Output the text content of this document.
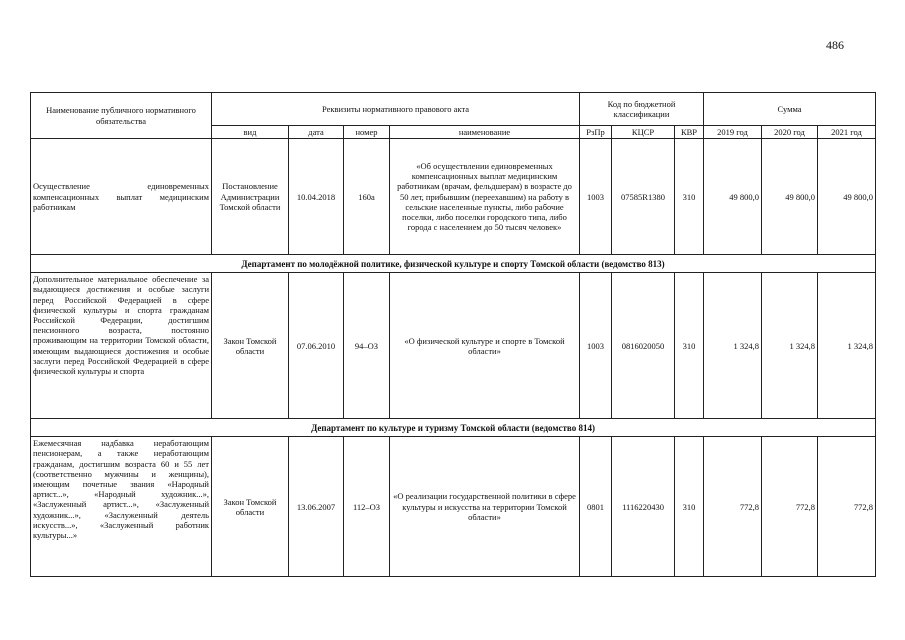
486
Наименование публичного нормативного обязательства	Реквизиты нормативного правового акта				Код по бюджетной классификации			Сумма		
	вид	дата	номер	наименование	РзПр	КЦСР	КВР	2019 год	2020 год	2021 год
Осуществление единовременных компенсационных выплат медицинским работникам	Постановление Администрации Томской области	10.04.2018	160а	«Об осуществлении единовременных компенсационных выплат медицинским работникам (врачам, фельдшерам) в возрасте до 50 лет, прибывшим (переехавшим) на работу в сельские населенные пункты, либо рабочие поселки, либо поселки городского типа, либо города с населением до 50 тысяч человек»	1003	07585R1380	310	49 800,0	49 800,0	49 800,0
Департамент по молодёжной политике, физической культуре и спорту Томской области (ведомство 813)										
Дополнительное материальное обеспечение за выдающиеся достижения и особые заслуги перед Российской Федерацией в сфере физической культуры и спорта гражданам Российской Федерации, достигшим пенсионного возраста, постоянно проживающим на территории Томской области, имеющим выдающиеся достижения и особые заслуги перед Российской Федерацией в сфере физической культуры и спорта	Закон Томской области	07.06.2010	94–ОЗ	«О физической культуре и спорте в Томской области»	1003	0816020050	310	1 324,8	1 324,8	1 324,8
Департамент по культуре и туризму Томской области (ведомство 814)										
Ежемесячная надбавка неработающим пенсионерам, а также неработающим гражданам, достигшим возраста 60 и 55 лет (соответственно мужчины и женщины), имеющим почетные звания «Народный артист...», «Народный художник...», «Заслуженный артист...», «Заслуженный художник...», «Заслуженный деятель искусств...», «Заслуженный работник культуры...»	Закон Томской области	13.06.2007	112–ОЗ	«О реализации государственной политики в сфере культуры и искусства на территории Томской области»	0801	1116220430	310	772,8	772,8	772,8
